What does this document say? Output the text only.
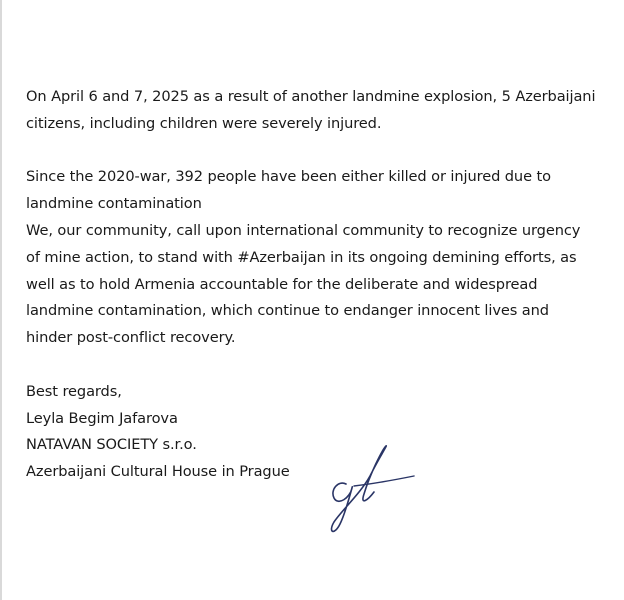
On April 6 and 7, 2025 as a result of another landmine explosion, 5 Azerbaijani citizens, including children were severely injured.

Since the 2020-war, 392 people have been either killed or injured due to landmine contamination

We, our community, call upon international community to recognize urgency of mine action, to stand with #Azerbaijan in its ongoing demining efforts, as well as to hold Armenia accountable for the deliberate and widespread landmine contamination, which continue to endanger innocent lives and hinder post-conflict recovery.

Best regards,

Leyla Begim Jafarova

NATAVAN SOCIETY s.r.o.

Azerbaijani Cultural House in Prague
